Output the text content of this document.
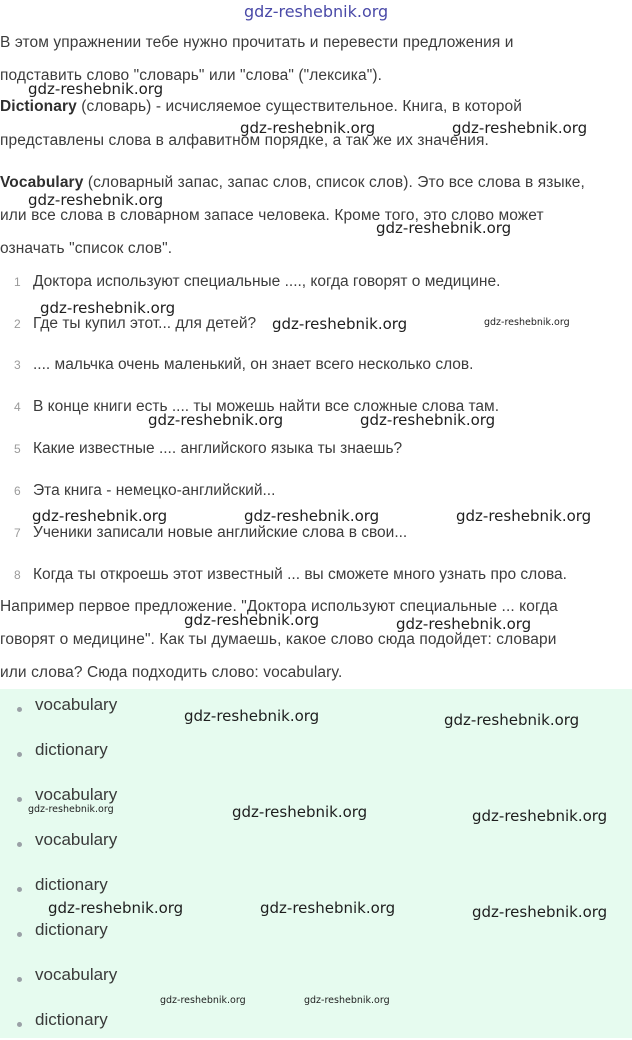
gdz-reshebnik.org
В этом упражнении тебе нужно прочитать и перевести предложения и
подставить слово "словарь" или "слова" ("лексика").
Dictionary (словарь) - исчисляемое существительное. Книга, в которой
представлены слова в алфавитном порядке, а так же их значения.
Vocabulary (словарный запас, запас слов, список слов). Это все слова в языке,
или все слова в словарном запасе человека. Кроме того, это слово может
означать "список слов".
1 Доктора используют специальные ...., когда говорят о медицине.
2 Где ты купил этот... для детей?
3 .... мальчка очень маленький, он знает всего несколько слов.
4 В конце книги есть .... ты можешь найти все сложные слова там.
5 Какие известные .... английского языка ты знаешь?
6 Эта книга - немецко-английский...
7 Ученики записали новые английские слова в свои...
8 Когда ты откроешь этот известный ... вы сможете много узнать про слова.
Например первое предложение. "Доктора используют специальные ... когда
говорят о медицине". Как ты думаешь, какое слово сюда подойдет: словари
или слова? Сюда подходить слово: vocabulary.
vocabulary
dictionary
vocabulary
vocabulary
dictionary
dictionary
vocabulary
dictionary
gdz-reshebnik.org
gdz-reshebnik.org	gdz-reshebnik.org
gdz-reshebnik.org
gdz-reshebnik.org
gdz-reshebnik.org
gdz-reshebnik.org	gdz-reshebnik.org
gdz-reshebnik.org	gdz-reshebnik.org
gdz-reshebnik.org	gdz-reshebnik.org	gdz-reshebnik.org
gdz-reshebnik.org	gdz-reshebnik.org
gdz-reshebnik.org	gdz-reshebnik.org
gdz-reshebnik.org	gdz-reshebnik.org	gdz-reshebnik.org
gdz-reshebnik.org	gdz-reshebnik.org	gdz-reshebnik.org
gdz-reshebnik.org	gdz-reshebnik.org
